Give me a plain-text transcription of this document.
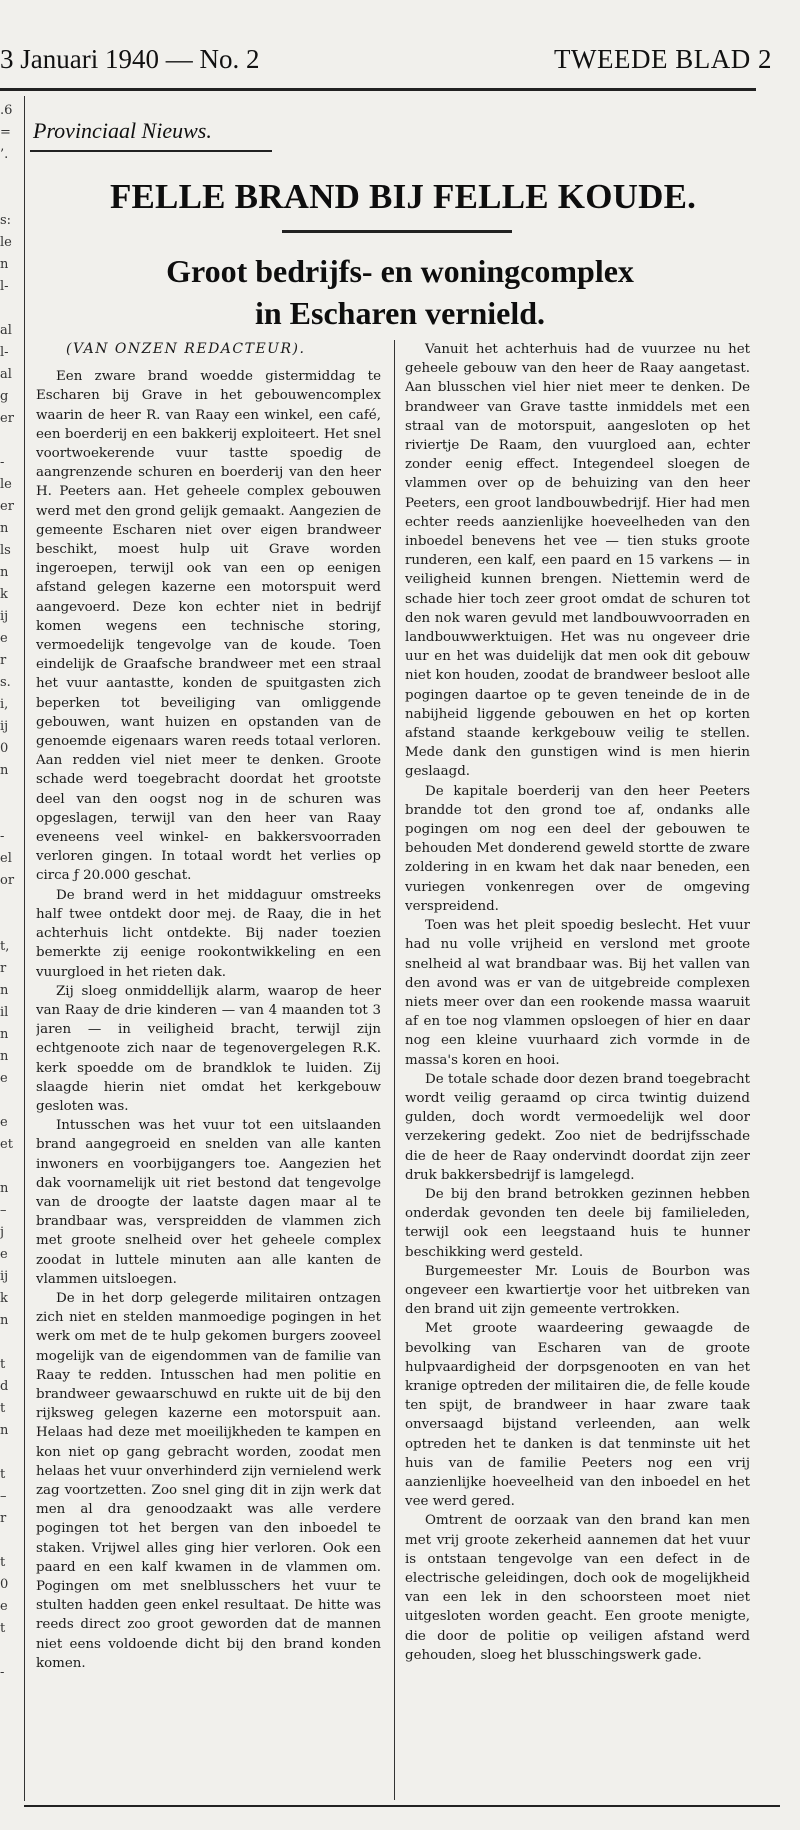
3 Januari 1940 — No. 2	TWEEDE BLAD 2
.6
=
’.
s:
le
n
l-
al
l-
al
g
er
-
le
er
n
ls
n
k
ij
e
r
s.
i,
ij
0
n
-
el
or
t,
r
n
il
n
n
e
e
et
n
–
j
e
ij
k
n
t
d
t
n
t
–
r
t
0
e
t
-
Provinciaal Nieuws.
FELLE BRAND BIJ FELLE KOUDE.
Groot bedrijfs- en woningcomplex
in Escharen vernield.
(VAN ONZEN REDACTEUR).

Een zware brand woedde gistermiddag te Escharen bij Grave in het gebouwencomplex waarin de heer R. van Raay een winkel, een café, een boerderij en een bakkerij exploiteert. Het snel voortwoekerende vuur tastte spoedig de aangrenzende schuren en boerderij van den heer H. Peeters aan. Het geheele complex gebouwen werd met den grond gelijk gemaakt. Aangezien de gemeente Escharen niet over eigen brandweer beschikt, moest hulp uit Grave worden ingeroepen, terwijl ook van een op eenigen afstand gelegen kazerne een motorspuit werd aangevoerd. Deze kon echter niet in bedrijf komen wegens een technische storing, vermoedelijk tengevolge van de koude. Toen eindelijk de Graafsche brandweer met een straal het vuur aantastte, konden de spuitgasten zich beperken tot beveiliging van omliggende gebouwen, want huizen en opstanden van de genoemde eigenaars waren reeds totaal verloren. Aan redden viel niet meer te denken. Groote schade werd toegebracht doordat het grootste deel van den oogst nog in de schuren was opgeslagen, terwijl van den heer van Raay eveneens veel winkel- en bakkersvoorraden verloren gingen. In totaal wordt het verlies op circa ƒ 20.000 geschat.

De brand werd in het middaguur omstreeks half twee ontdekt door mej. de Raay, die in het achterhuis licht ontdekte. Bij nader toezien bemerkte zij eenige rookontwikkeling en een vuurgloed in het rieten dak.

Zij sloeg onmiddellijk alarm, waarop de heer van Raay de drie kinderen — van 4 maanden tot 3 jaren — in veiligheid bracht, terwijl zijn echtgenoote zich naar de tegenovergelegen R.K. kerk spoedde om de brandklok te luiden. Zij slaagde hierin niet omdat het kerkgebouw gesloten was.

Intusschen was het vuur tot een uitslaanden brand aangegroeid en snelden van alle kanten inwoners en voorbijgangers toe. Aangezien het dak voornamelijk uit riet bestond dat tengevolge van de droogte der laatste dagen maar al te brandbaar was, verspreidden de vlammen zich met groote snelheid over het geheele complex zoodat in luttele minuten aan alle kanten de vlammen uitsloegen.

De in het dorp gelegerde militairen ontzagen zich niet en stelden manmoedige pogingen in het werk om met de te hulp gekomen burgers zooveel mogelijk van de eigendommen van de familie van Raay te redden. Intusschen had men politie en brandweer gewaarschuwd en rukte uit de bij den rijksweg gelegen kazerne een motorspuit aan. Helaas had deze met moeilijkheden te kampen en kon niet op gang gebracht worden, zoodat men helaas het vuur onverhinderd zijn vernielend werk zag voortzetten. Zoo snel ging dit in zijn werk dat men al dra genoodzaakt was alle verdere pogingen tot het bergen van den inboedel te staken. Vrijwel alles ging hier verloren. Ook een paard en een kalf kwamen in de vlammen om. Pogingen om met snelblusschers het vuur te stulten hadden geen enkel resultaat. De hitte was reeds direct zoo groot geworden dat de mannen niet eens voldoende dicht bij den brand konden komen.

Vanuit het achterhuis had de vuurzee nu het geheele gebouw van den heer de Raay aangetast. Aan blusschen viel hier niet meer te denken. De brandweer van Grave tastte inmiddels met een straal van de motorspuit, aangesloten op het riviertje De Raam, den vuurgloed aan, echter zonder eenig effect. Integendeel sloegen de vlammen over op de behuizing van den heer Peeters, een groot landbouwbedrijf. Hier had men echter reeds aanzienlijke hoeveelheden van den inboedel benevens het vee — tien stuks groote runderen, een kalf, een paard en 15 varkens — in veiligheid kunnen brengen. Niettemin werd de schade hier toch zeer groot omdat de schuren tot den nok waren gevuld met landbouwvoorraden en landbouwwerktuigen. Het was nu ongeveer drie uur en het was duidelijk dat men ook dit gebouw niet kon houden, zoodat de brandweer besloot alle pogingen daartoe op te geven teneinde de in de nabijheid liggende gebouwen en het op korten afstand staande kerkgebouw veilig te stellen. Mede dank den gunstigen wind is men hierin geslaagd.

De kapitale boerderij van den heer Peeters brandde tot den grond toe af, ondanks alle pogingen om nog een deel der gebouwen te behouden Met donderend geweld stortte de zware zoldering in en kwam het dak naar beneden, een vuriegen vonkenregen over de omgeving verspreidend.

Toen was het pleit spoedig beslecht. Het vuur had nu volle vrijheid en verslond met groote snelheid al wat brandbaar was. Bij het vallen van den avond was er van de uitgebreide complexen niets meer over dan een rookende massa waaruit af en toe nog vlammen opsloegen of hier en daar nog een kleine vuurhaard zich vormde in de massa's koren en hooi.

De totale schade door dezen brand toegebracht wordt veilig geraamd op circa twintig duizend gulden, doch wordt vermoedelijk wel door verzekering gedekt. Zoo niet de bedrijfsschade die de heer de Raay ondervindt doordat zijn zeer druk bakkersbedrijf is lamgelegd.

De bij den brand betrokken gezinnen hebben onderdak gevonden ten deele bij familieleden, terwijl ook een leegstaand huis te hunner beschikking werd gesteld.

Burgemeester Mr. Louis de Bourbon was ongeveer een kwartiertje voor het uitbreken van den brand uit zijn gemeente vertrokken.

Met groote waardeering gewaagde de bevolking van Escharen van de groote hulpvaardigheid der dorpsgenooten en van het kranige optreden der militairen die, de felle koude ten spijt, de brandweer in haar zware taak onversaagd bijstand verleenden, aan welk optreden het te danken is dat tenminste uit het huis van de familie Peeters nog een vrij aanzienlijke hoeveelheid van den inboedel en het vee werd gered.

Omtrent de oorzaak van den brand kan men met vrij groote zekerheid aannemen dat het vuur is ontstaan tengevolge van een defect in de electrische geleidingen, doch ook de mogelijkheid van een lek in den schoorsteen moet niet uitgesloten worden geacht. Een groote menigte, die door de politie op veiligen afstand werd gehouden, sloeg het blusschingswerk gade.
